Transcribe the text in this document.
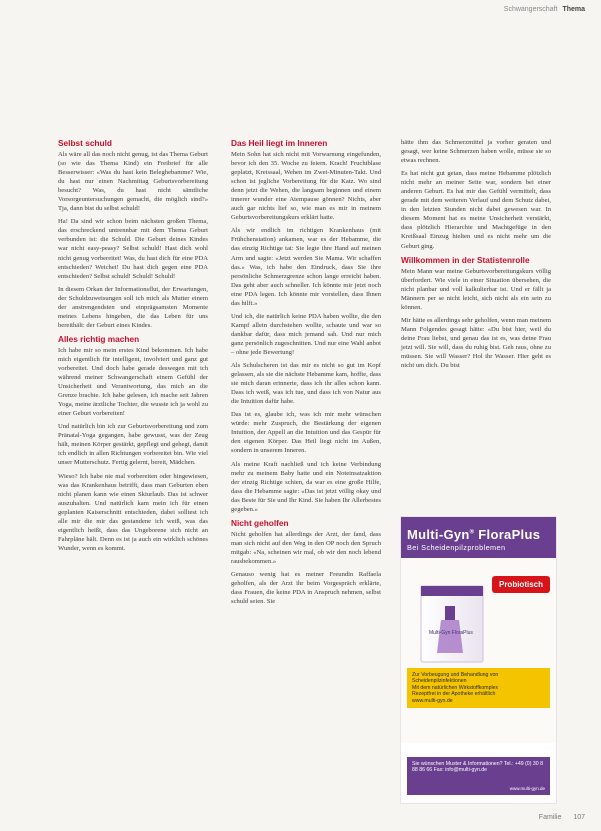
Schwangerschaft Thema
Selbst schuld

Als wäre all das noch nicht genug, ist das Thema Geburt (so wie das Thema Kind) ein Freibrief für alle Besserwisser: «Was du hast kein Beleghebamme? Wie, du hast nur einen Nachmittag Geburtsvorbereitung besucht? Was, du hast nicht sämtliche Vorsorgeuntersuchungen gemacht, die möglich sind?» Tja, dann bist du selbst schuld!

Ha! Da sind wir schon beim nächsten großen Thema, das erschreckend untrennbar mit dem Thema Geburt verbunden ist: die Schuld. Die Geburt deines Kindes war nicht easy-peasy? Selbst schuld! Hast dich wohl nicht genug vorbereitet! Was, du hast dich für eine PDA entschieden? Weichei! Du hast dich gegen eine PDA entschieden? Selbst schuld! Schuld! Schuld!

In diesem Orkan der Informationsflut, der Erwartungen, der Schuldzuweisungen soll ich mich als Mutter einem der anstrengendsten und einprägsamsten Momente meines Lebens hingeben, die das Leben für uns bereithält: der Geburt eines Kindes.

Alles richtig machen

Ich habe mir so mein erstes Kind bekommen. Ich habe mich eigentlich für intelligent, involviert und ganz gut vorbereitet. Und doch habe gerade deswegen mit ich während meiner Schwangerschaft einem Gefühl der Unsicherheit und Verantwortung, das mich an die Grenze brachte. Ich habe gelesen, ich mache seit Jahren Yoga, meine ärztliche Tochter, die wusste ich ja wohl zu einer Geburt vorbereiten!

Und natürlich bin ich zur Geburtsvorbereitung und zum Pränatal-Yoga gegangen, habe gewusst, was der Zeug hält, meinen Körper gestärkt, gepflegt und gehegt, damit ich endlich in allen Richtungen vorbereitet bin. Wie viel unser Mutterschutz. Fertig gelernt, bereit, Mädchen.

Wieso? Ich habe nie mal vorbereiten oder hingewiesen, was das Krankenhaus betrifft, dass man Geburten eben nicht planen kann wie einen Skiurlaub. Das ist schwer auszuhalten. Und natürlich kam mein ich für einen geplanten Kaiserschnitt entschieden, dabei solltest ich alle mir die mir das gestandene ich weiß, was das eigentlich heißt, dass das Ungeborene sich nicht an Fahrpläne hält. Denn es ist ja auch ein wirklich schönes Wunder, wenn es kommt.

Das Heil liegt im Inneren

Mein Sohn hat sich nicht mit Vorwarnung eingefunden, bevor ich den 35. Woche zu feiern. Krach! Fruchtblase geplatzt, Kreissaal, Wehen im Zwei-Minuten-Takt. Und schon ist jegliche Vorbereitung für die Katz. Wo sind denn jetzt die Wehen, die langsam beginnen und einem innerer wunder eine Atempause gönnen? Nichts, aber auch gar nichts lief so, wie man es mir in meinem Geburtsvorbereitungskurs erklärt hatte.

Als wir endlich im richtigen Krankenhaus (mit Frühchenstation) ankamen, war es der Hebamme, die das einzig Richtige tat: Sie legte ihre Hand auf meinen Arm und sagte: «Jetzt werden Sie Mama. Wir schaffen das.» Was, ich habe den Eindruck, dass Sie ihre persönliche Schmerzgrenze schon lange erreicht haben. Das geht aber auch schneller. Ich könnte mir jetzt noch eine PDA legen. Ich könnte mir vorstellen, dass Ihnen das hilft.»

Und ich, die natürlich keine PDA haben wollte, die den Kampf allein durchstehen wollte, schaute und war so dankbar dafür, dass mich jemand sah. Und nur mich ganz persönlich zugeschnitten. Und nur eine Wahl anbot – ohne jede Bewertung!

Als Schulscheren ist das mir es nicht so gut im Kopf gelassen, als sie die nächste Hebamme kam, hoffte, dass sie mich daran erinnerte, dass ich ihr alles schon kann. Dass ich weiß, was ich tue, und dass ich von Natur aus die Intuition dafür habe.

Das ist es, glaube ich, was ich mir mehr wünschen würde: mehr Zuspruch, die Bestärkung der eigenen Intuition, der Appell an die Intuition und das Gespür für den eigenen Körper. Das Heil liegt nicht im Außen, sondern in unserem Inneren.

Als meine Kraft nachließ und ich keine Verbindung mehr zu meinem Baby hatte und ein Noteinsatzaktion der einzig Richtige schien, da war es eine große Hilfe, dass die Hebamme sagte: «Das ist jetzt völlig okay und das Beste für Sie und Ihr Kind. Sie haben Ihr Allerbestes gegeben.»

Nicht geholfen

Nicht geholfen hat allerdings der Arzt, der fand, dass man sich nicht auf den Weg in den OP noch den Spruch mitgab: «Na, scheinen wir mal, ob wir den noch lebend rausbekommen.»

Genauso wenig hat es meiner Freundin Raffaela geholfen, als der Arzt ihr beim Vorgespräch erklärte, dass Frauen, die keine PDA in Anspruch nehmen, selbst schuld seien. Sie

hätte ihm das Schmerzmittel ja vorher geraten und gesagt, wer keine Schmerzen haben wolle, müsse sie so etwas rechnen.

Es hat nicht gut getan, dass meine Hebamme plötzlich nicht mehr an meiner Seite war, sondern bei einer anderen Geburt. Es hat mir das Gefühl vermittelt, dass gerade mit dem weiteren Verlauf und dem Schutz dabei, in den letzten Stunden nicht dabei gewesen war. In diesem Moment hat es meine Unsicherheit verstärkt, dass plötzlich Hierarchie und Machtgefüge in den Kreißsaal Einzug hielten und es nicht mehr um die Geburt ging.

Willkommen in der Statistenrolle

Mein Mann war meine Geburtsvorbereitungskurs völlig überfordert. Wie viele in einer Situation übersehen, die nicht planbar und voll kalkulierbar ist. Und er fällt ja Männern per se nicht leicht, sich nicht als ein sein zu können.

Mir hätte es allerdings sehr geholfen, wenn man meinem Mann Folgendes gesagt hätte: «Du bist hier, weil du deine Frau liebst, und genau das ist es, was deine Frau jetzt will. Sie will, dass du ruhig bist. Geh raus, ohne zu müssen. Sie will Wasser? Hol ihr Wasser. Hier geht es nicht um dich. Du bist

Multi-Gyn® FloraPlus
Bei Scheidenpilzproblemen
Multi-Gyn FloraPlus
Probiotisch
Zur Vorbeugung und Behandlung von Scheidenpilzinfektionen
Mit dem natürlichen Wirkstoffkomplex
Rezeptfrei in der Apotheke erhältlich
www.multi-gyn.de
Sie wünschen Muster & Informationen? Tel.: +49 (0) 30 8 88 86 66 Fax: info@multi-gyn.de
www.multi-gyn.de
Familie 107
